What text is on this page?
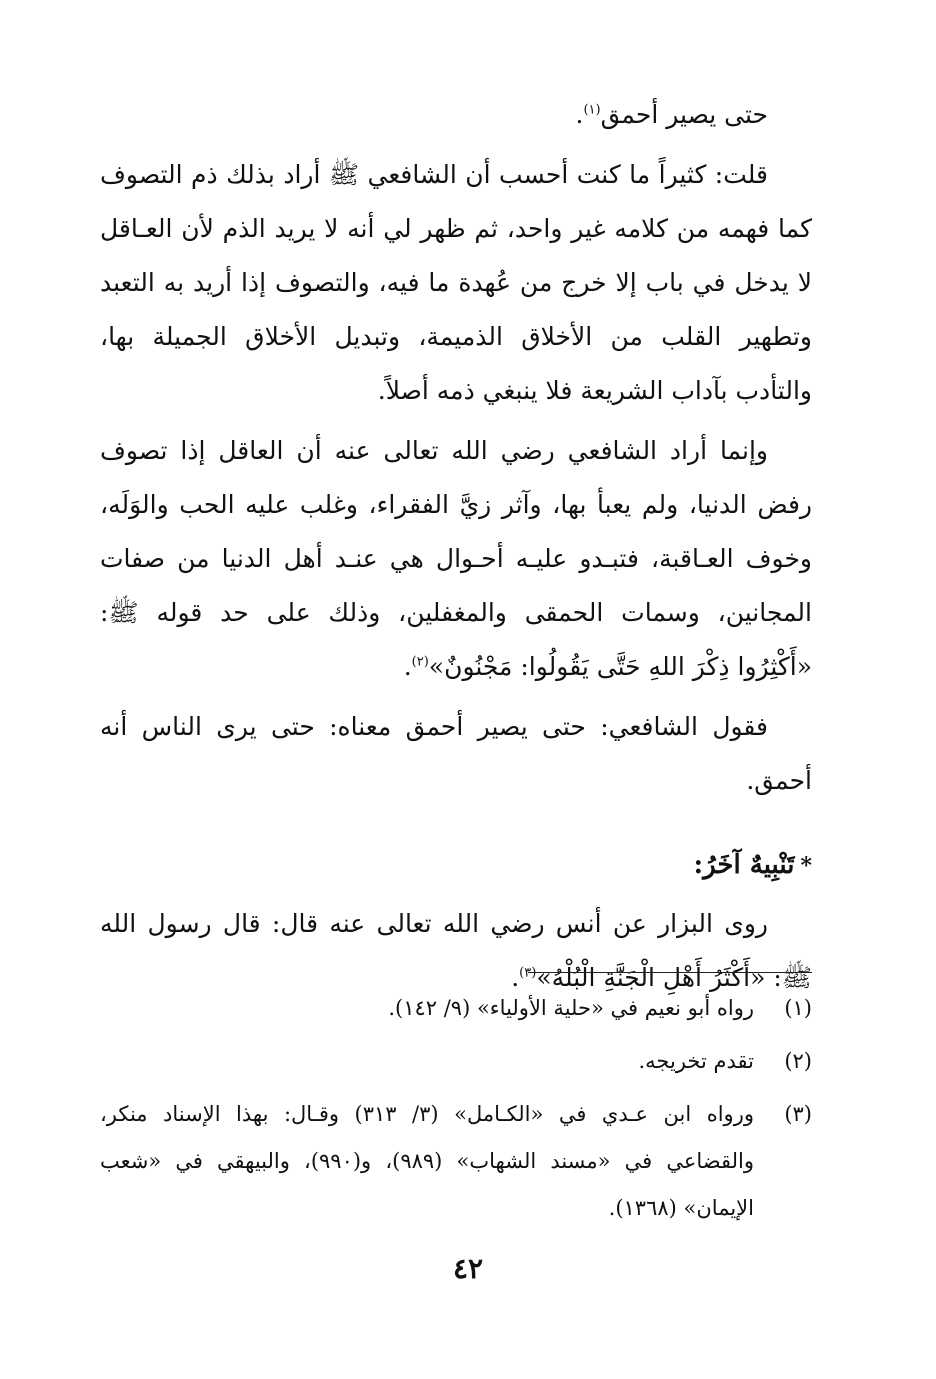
حتى يصير أحمق$^{(١)}$.

قلت: كثيراً ما كنت أحسب أن الشافعي ﷺ أراد بذلك ذم التصوف كما فهمه من كلامه غير واحد، ثم ظهر لي أنه لا يريد الذم لأن العـاقل لا يدخل في باب إلا خرج من عُهدة ما فيه، والتصوف إذا أريد به التعبد وتطهير القلب من الأخلاق الذميمة، وتبديل الأخلاق الجميلة بها، والتأدب بآداب الشريعة فلا ينبغي ذمه أصلاً.

وإنما أراد الشافعي رضي الله تعالى عنه أن العاقل إذا تصوف رفض الدنيا، ولم يعبأ بها، وآثر زيَّ الفقراء، وغلب عليه الحب والوَلَه، وخوف العـاقبة، فتبـدو عليـه أحـوال هي عنـد أهل الدنيا من صفات المجانين، وسمات الحمقى والمغفلين، وذلك على حد قوله ﷺ: «أَكْثِرُوا ذِكْرَ اللهِ حَتَّى يَقُولُوا: مَجْنُونٌ»$^{(٢)}$.

فقول الشافعي: حتى يصير أحمق معناه: حتى يرى الناس أنه أحمق.

*تَنْبِيهٌ آخَرُ:

روى البزار عن أنس رضي الله تعالى عنه قال: قال رسول الله ﷺ: «أَكْثَرُ أَهْلِ الْجَنَّةِ الْبُلْهُ»$^{(٣)}$.

(١)
رواه أبو نعيم في «حلية الأولياء» (٩/ ١٤٢).
(٢)
تقدم تخريجه.
(٣)
ورواه ابن عـدي في «الكـامل» (٣/ ٣١٣) وقـال: بهذا الإسناد منكر، والقضاعي في «مسند الشهاب» (٩٨٩)، و(٩٩٠)، والبيهقي في «شعب الإيمان» (١٣٦٨).
٤٢
